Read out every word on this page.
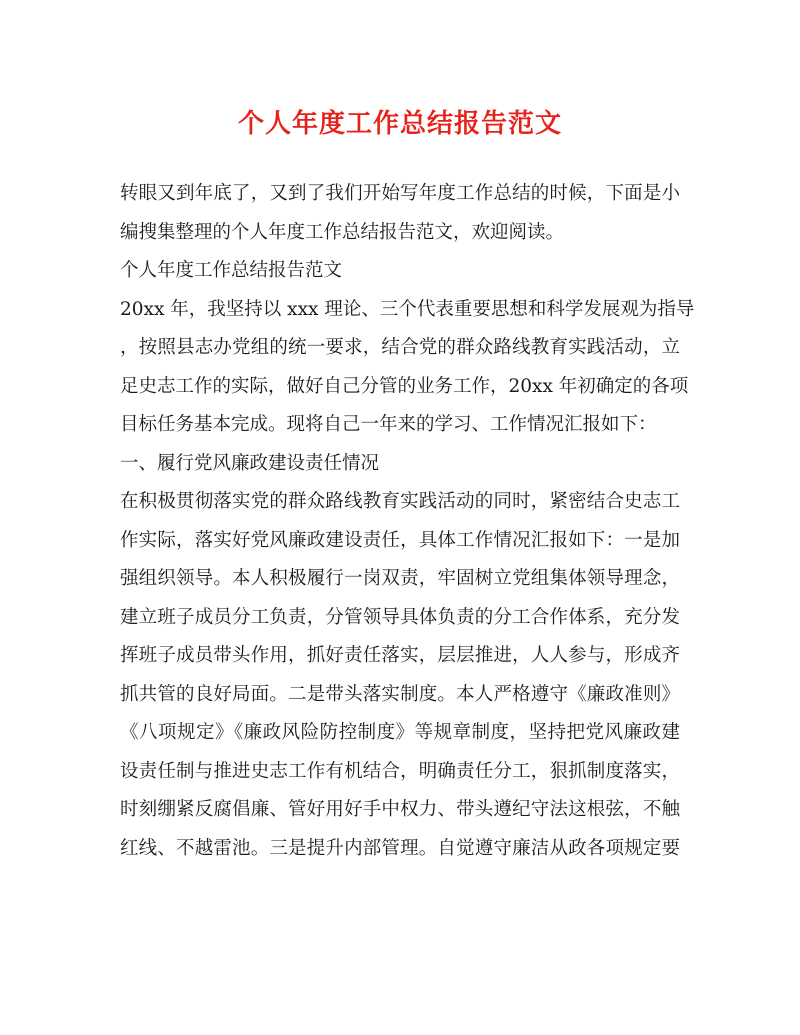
个人年度工作总结报告范文
转眼又到年底了，又到了我们开始写年度工作总结的时候，下面是小
编搜集整理的个人年度工作总结报告范文，欢迎阅读。
个人年度工作总结报告范文
20xx 年，我坚持以 xxx 理论、三个代表重要思想和科学发展观为指导
，按照县志办党组的统一要求，结合党的群众路线教育实践活动，立
足史志工作的实际，做好自己分管的业务工作，20xx 年初确定的各项
目标任务基本完成。现将自己一年来的学习、工作情况汇报如下：
一、履行党风廉政建设责任情况
在积极贯彻落实党的群众路线教育实践活动的同时，紧密结合史志工
作实际，落实好党风廉政建设责任，具体工作情况汇报如下：一是加
强组织领导。本人积极履行一岗双责，牢固树立党组集体领导理念，
建立班子成员分工负责，分管领导具体负责的分工合作体系，充分发
挥班子成员带头作用，抓好责任落实，层层推进，人人参与，形成齐
抓共管的良好局面。二是带头落实制度。本人严格遵守《廉政准则》
《八项规定》《廉政风险防控制度》等规章制度，坚持把党风廉政建
设责任制与推进史志工作有机结合，明确责任分工，狠抓制度落实，
时刻绷紧反腐倡廉、管好用好手中权力、带头遵纪守法这根弦，不触
红线、不越雷池。三是提升内部管理。自觉遵守廉洁从政各项规定要
